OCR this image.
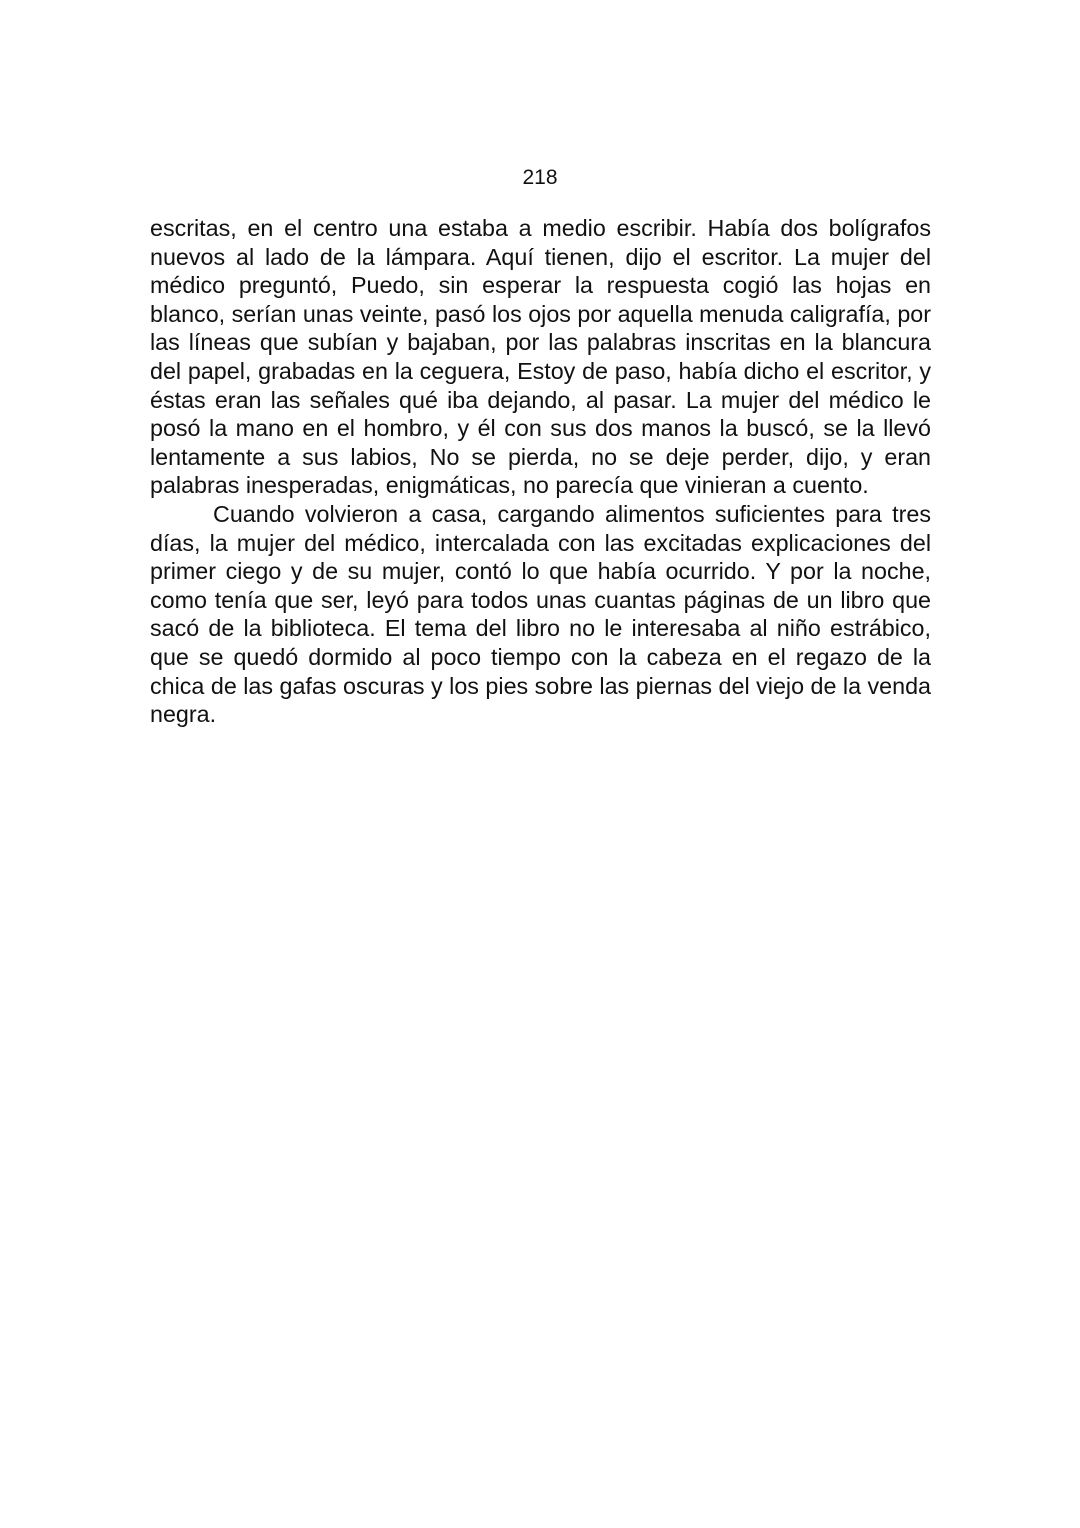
218

escritas, en el centro una estaba a medio escribir. Había dos bolígrafos nuevos al lado de la lámpara. Aquí tienen, dijo el escritor. La mujer del médico preguntó, Puedo, sin esperar la respuesta cogió las hojas en blanco, serían unas veinte, pasó los ojos por aquella menuda caligrafía, por las líneas que subían y bajaban, por las palabras inscritas en la blancura del papel, grabadas en la ceguera, Estoy de paso, había dicho el escritor, y éstas eran las señales qué iba dejando, al pasar. La mujer del médico le posó la mano en el hombro, y él con sus dos manos la buscó, se la llevó lentamente a sus labios, No se pierda, no se deje perder, dijo, y eran palabras inesperadas, enigmáticas, no parecía que vinieran a cuento.

Cuando volvieron a casa, cargando alimentos suficientes para tres días, la mujer del médico, intercalada con las excitadas explicaciones del primer ciego y de su mujer, contó lo que había ocurrido. Y por la noche, como tenía que ser, leyó para todos unas cuantas páginas de un libro que sacó de la biblioteca. El tema del libro no le interesaba al niño estrábico, que se quedó dormido al poco tiempo con la cabeza en el regazo de la chica de las gafas oscuras y los pies sobre las piernas del viejo de la venda negra.
